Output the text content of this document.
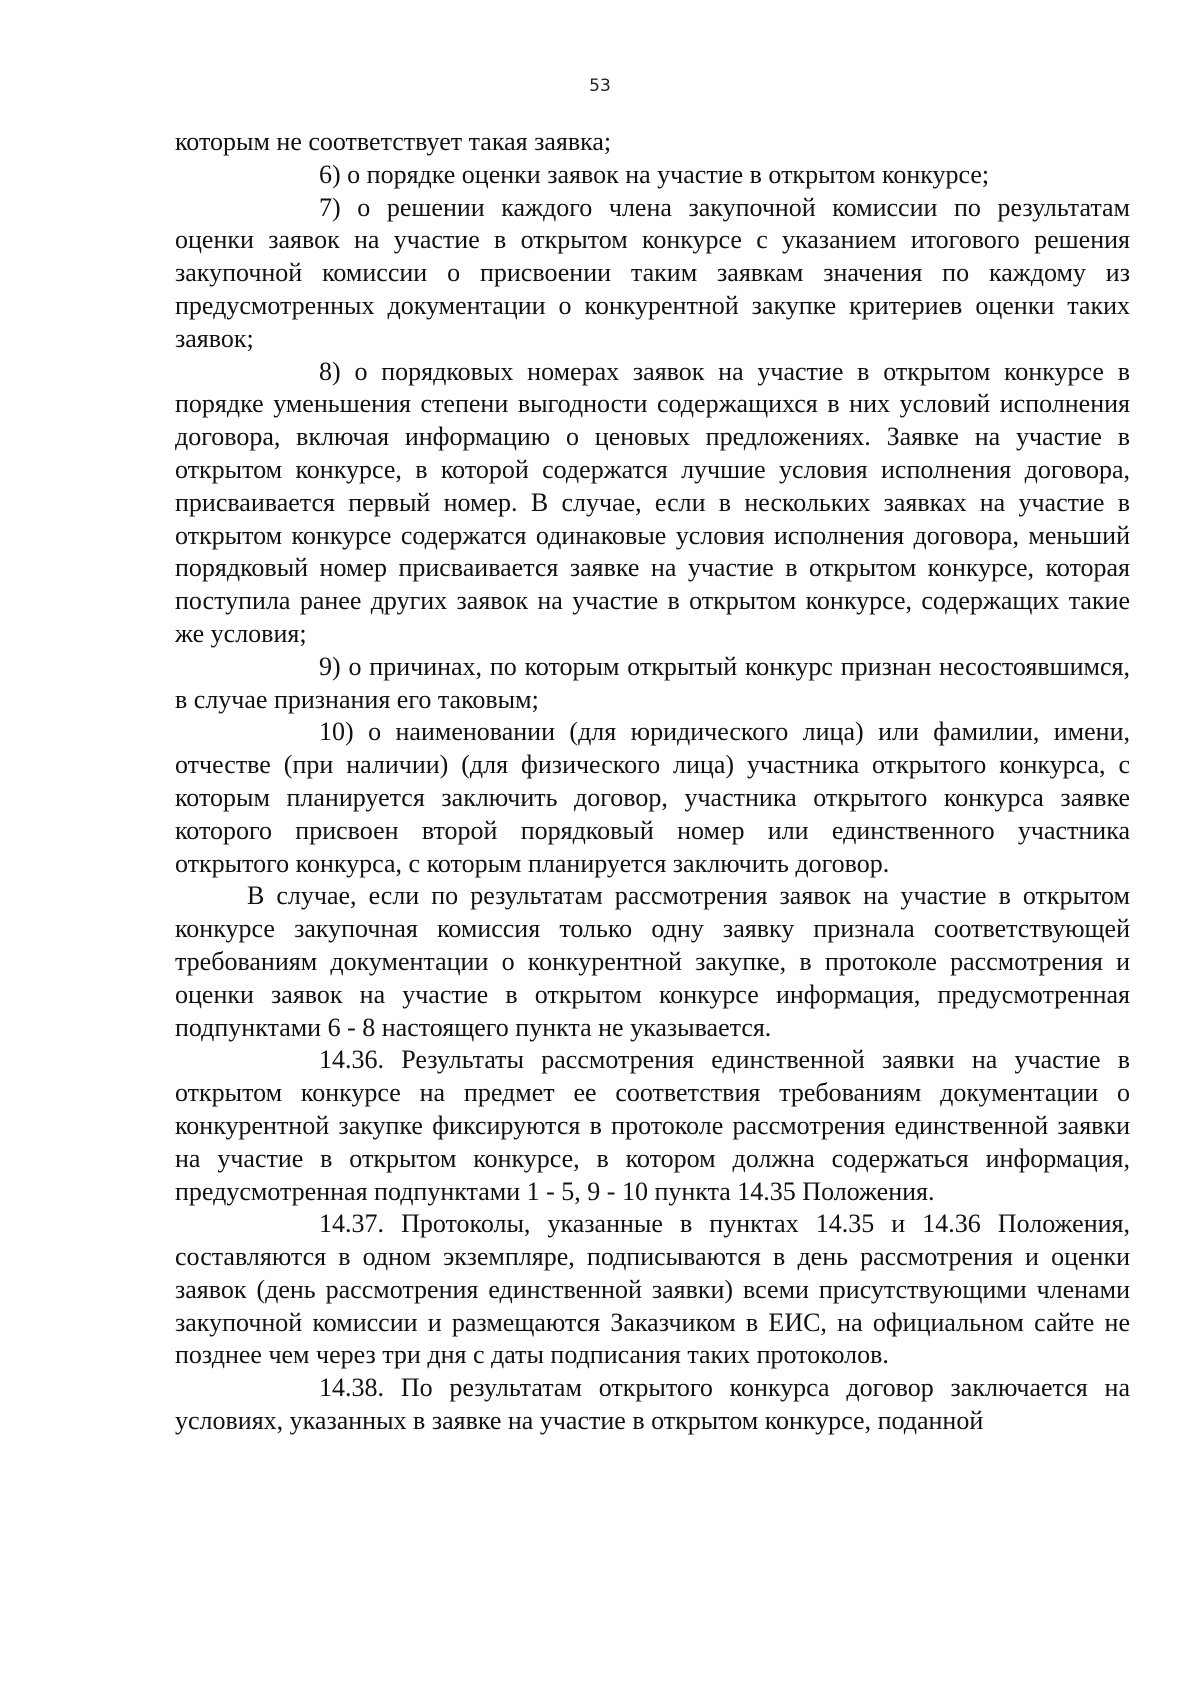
53

которым не соответствует такая заявка;

6) о порядке оценки заявок на участие в открытом конкурсе;

7) о решении каждого члена закупочной комиссии по результатам оценки заявок на участие в открытом конкурсе с указанием итогового решения закупочной комиссии о присвоении таким заявкам значения по каждому из предусмотренных документации о конкурентной закупке критериев оценки таких заявок;

8) о порядковых номерах заявок на участие в открытом конкурсе в порядке уменьшения степени выгодности содержащихся в них условий исполнения договора, включая информацию о ценовых предложениях. Заявке на участие в открытом конкурсе, в которой содержатся лучшие условия исполнения договора, присваивается первый номер. В случае, если в нескольких заявках на участие в открытом конкурсе содержатся одинаковые условия исполнения договора, меньший порядковый номер присваивается заявке на участие в открытом конкурсе, которая поступила ранее других заявок на участие в открытом конкурсе, содержащих такие же условия;

9) о причинах, по которым открытый конкурс признан несостоявшимся, в случае признания его таковым;

10) о наименовании (для юридического лица) или фамилии, имени, отчестве (при наличии) (для физического лица) участника открытого конкурса, с которым планируется заключить договор, участника открытого конкурса заявке которого присвоен второй порядковый номер или единственного участника открытого конкурса, с которым планируется заключить договор.

В случае, если по результатам рассмотрения заявок на участие в открытом конкурсе закупочная комиссия только одну заявку признала соответствующей требованиям документации о конкурентной закупке, в протоколе рассмотрения и оценки заявок на участие в открытом конкурсе информация, предусмотренная подпунктами 6 - 8 настоящего пункта не указывается.

14.36. Результаты рассмотрения единственной заявки на участие в открытом конкурсе на предмет ее соответствия требованиям документации о конкурентной закупке фиксируются в протоколе рассмотрения единственной заявки на участие в открытом конкурсе, в котором должна содержаться информация, предусмотренная подпунктами 1 - 5, 9 - 10 пункта 14.35 Положения.

14.37. Протоколы, указанные в пунктах 14.35 и 14.36 Положения, составляются в одном экземпляре, подписываются в день рассмотрения и оценки заявок (день рассмотрения единственной заявки) всеми присутствующими членами закупочной комиссии и размещаются Заказчиком в ЕИС, на официальном сайте не позднее чем через три дня с даты подписания таких протоколов.

14.38. По результатам открытого конкурса договор заключается на условиях, указанных в заявке на участие в открытом конкурсе, поданной
